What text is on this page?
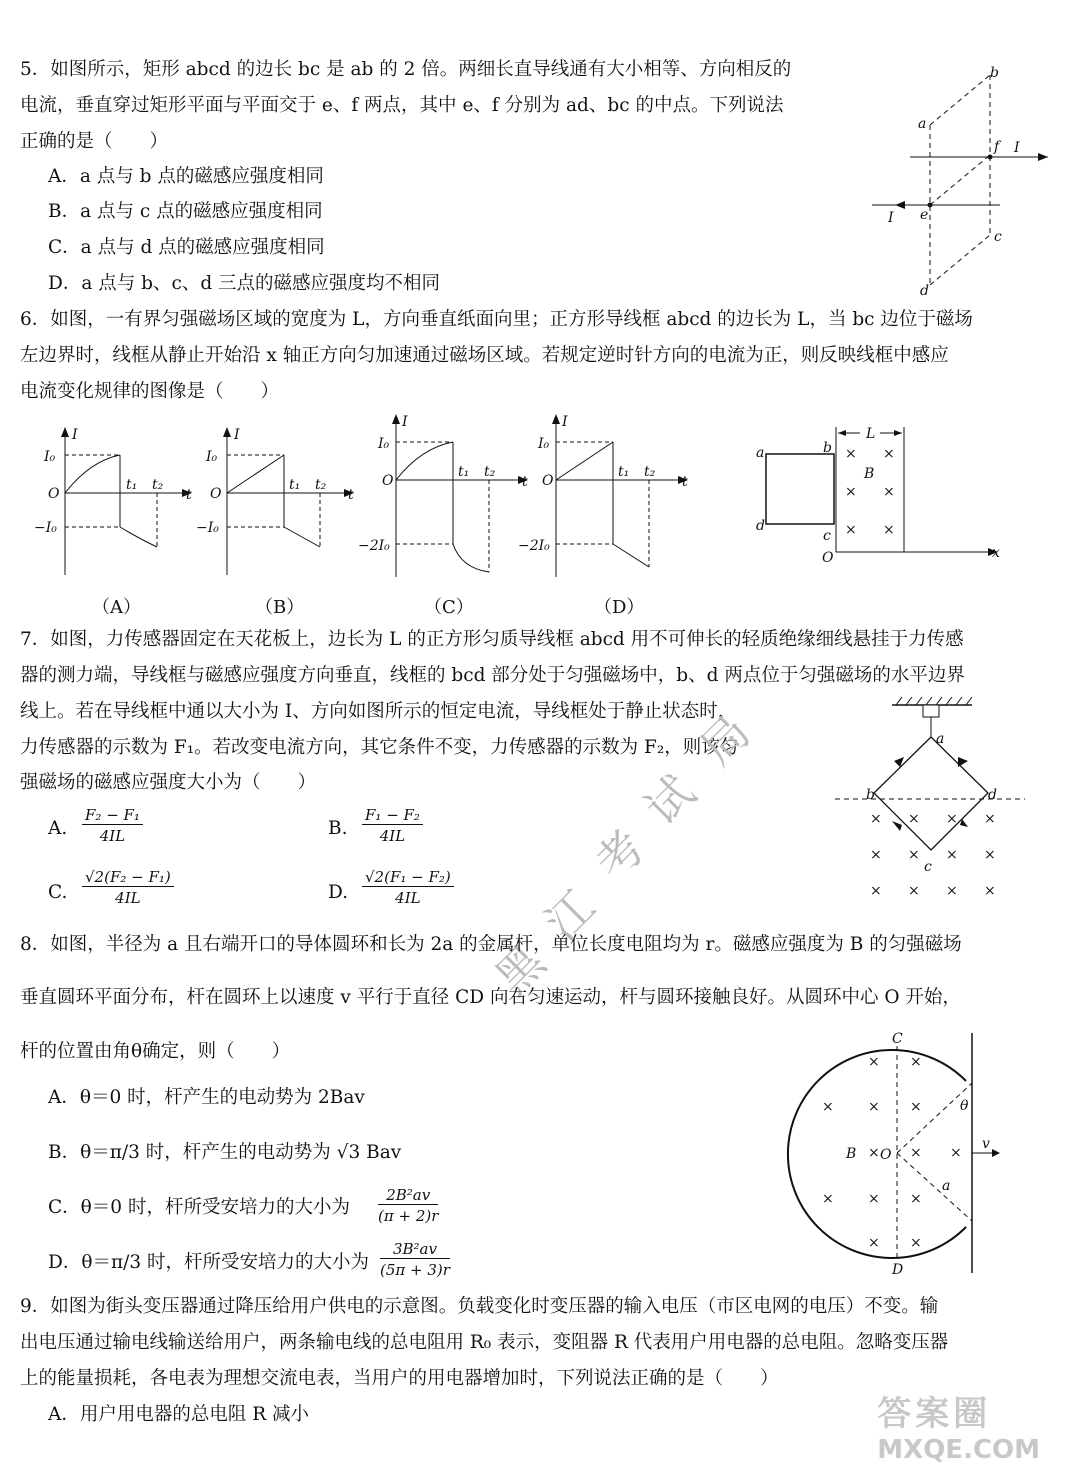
5．如图所示，矩形 abcd 的边长 bc 是 ab 的 2 倍。两细长直导线通有大小相等、方向相反的
电流，垂直穿过矩形平面与平面交于 e、f 两点，其中 e、f 分别为 ad、bc 的中点。下列说法
正确的是（　　）
A．a 点与 b 点的磁感应强度相同
B．a 点与 c 点的磁感应强度相同
C．a 点与 d 点的磁感应强度相同
D．a 点与 b、c、d 三点的磁感应强度均不相同
b
a
f I
I e
c
d
6．如图，一有界匀强磁场区域的宽度为 L，方向垂直纸面向里；正方形导线框 abcd 的边长为 L，当 bc 边位于磁场
左边界时，线框从静止开始沿 x 轴正方向匀加速通过磁场区域。若规定逆时针方向的电流为正，则反映线框中感应
电流变化规律的图像是（　　）
I
I₀
O
−I₀
t₁ t₂
t
I
I₀
O
−I₀
t₁ t₂
t
I
I₀
O
−2I₀
t₁ t₂
t
I
I₀
O
−2I₀
t₁ t₂
t
（A）	（B）	（C）	（D）
L
a	b
d
c
O	x
B
× ×
× ×
× ×
7．如图，力传感器固定在天花板上，边长为 L 的正方形匀质导线框 abcd 用不可伸长的轻质绝缘细线悬挂于力传感
器的测力端，导线框与磁感应强度方向垂直，线框的 bcd 部分处于匀强磁场中，b、d 两点位于匀强磁场的水平边界
线上。若在导线框中通以大小为 I、方向如图所示的恒定电流，导线框处于静止状态时，
力传感器的示数为 F₁。若改变电流方向，其它条件不变，力传感器的示数为 F₂，则该匀
强磁场的磁感应强度大小为（　　）
A. $\frac{\text{F₂ − F₁}}{4IL}$	B. $\frac{\text{F₁ − F₂}}{4IL}$
C. $\frac{\text{√2(F₂ − F₁)}}{4IL}$	D. $\frac{\text{√2(F₁ − F₂)}}{4IL}$
a
b	d
c
× × × ×
× × × ×
× × × ×
黑
江
考
试
局
8．如图，半径为 a 且右端开口的导体圆环和长为 2a 的金属杆，单位长度电阻均为 r。磁感应强度为 B 的匀强磁场
垂直圆环平面分布，杆在圆环上以速度 v 平行于直径 CD 向右匀速运动，杆与圆环接触良好。从圆环中心 O 开始，
杆的位置由角θ确定，则（　　）
A．θ＝0 时，杆产生的电动势为 2Bav
B．θ＝π/3 时，杆产生的电动势为 √3 Bav
C．θ＝0 时，杆所受安培力的大小为 $\frac{\text{2B²av}}{(\pi + 2)r}$
D．θ＝π/3 时，杆所受安培力的大小为 $\frac{\text{3B²av}}{(5\pi + 3)r}$
C
D
O
B
θ
a
v
× ×
× × ×
× × ×
× × ×
× ×
9．如图为街头变压器通过降压给用户供电的示意图。负载变化时变压器的输入电压（市区电网的电压）不变。输
出电压通过输电线输送给用户，两条输电线的总电阻用 R₀ 表示，变阻器 R 代表用户用电器的总电阻。忽略变压器
上的能量损耗，各电表为理想交流电表，当用户的用电器增加时，下列说法正确的是（　　）
A．用户用电器的总电阻 R 减小	答案圈
MXQE.COM
